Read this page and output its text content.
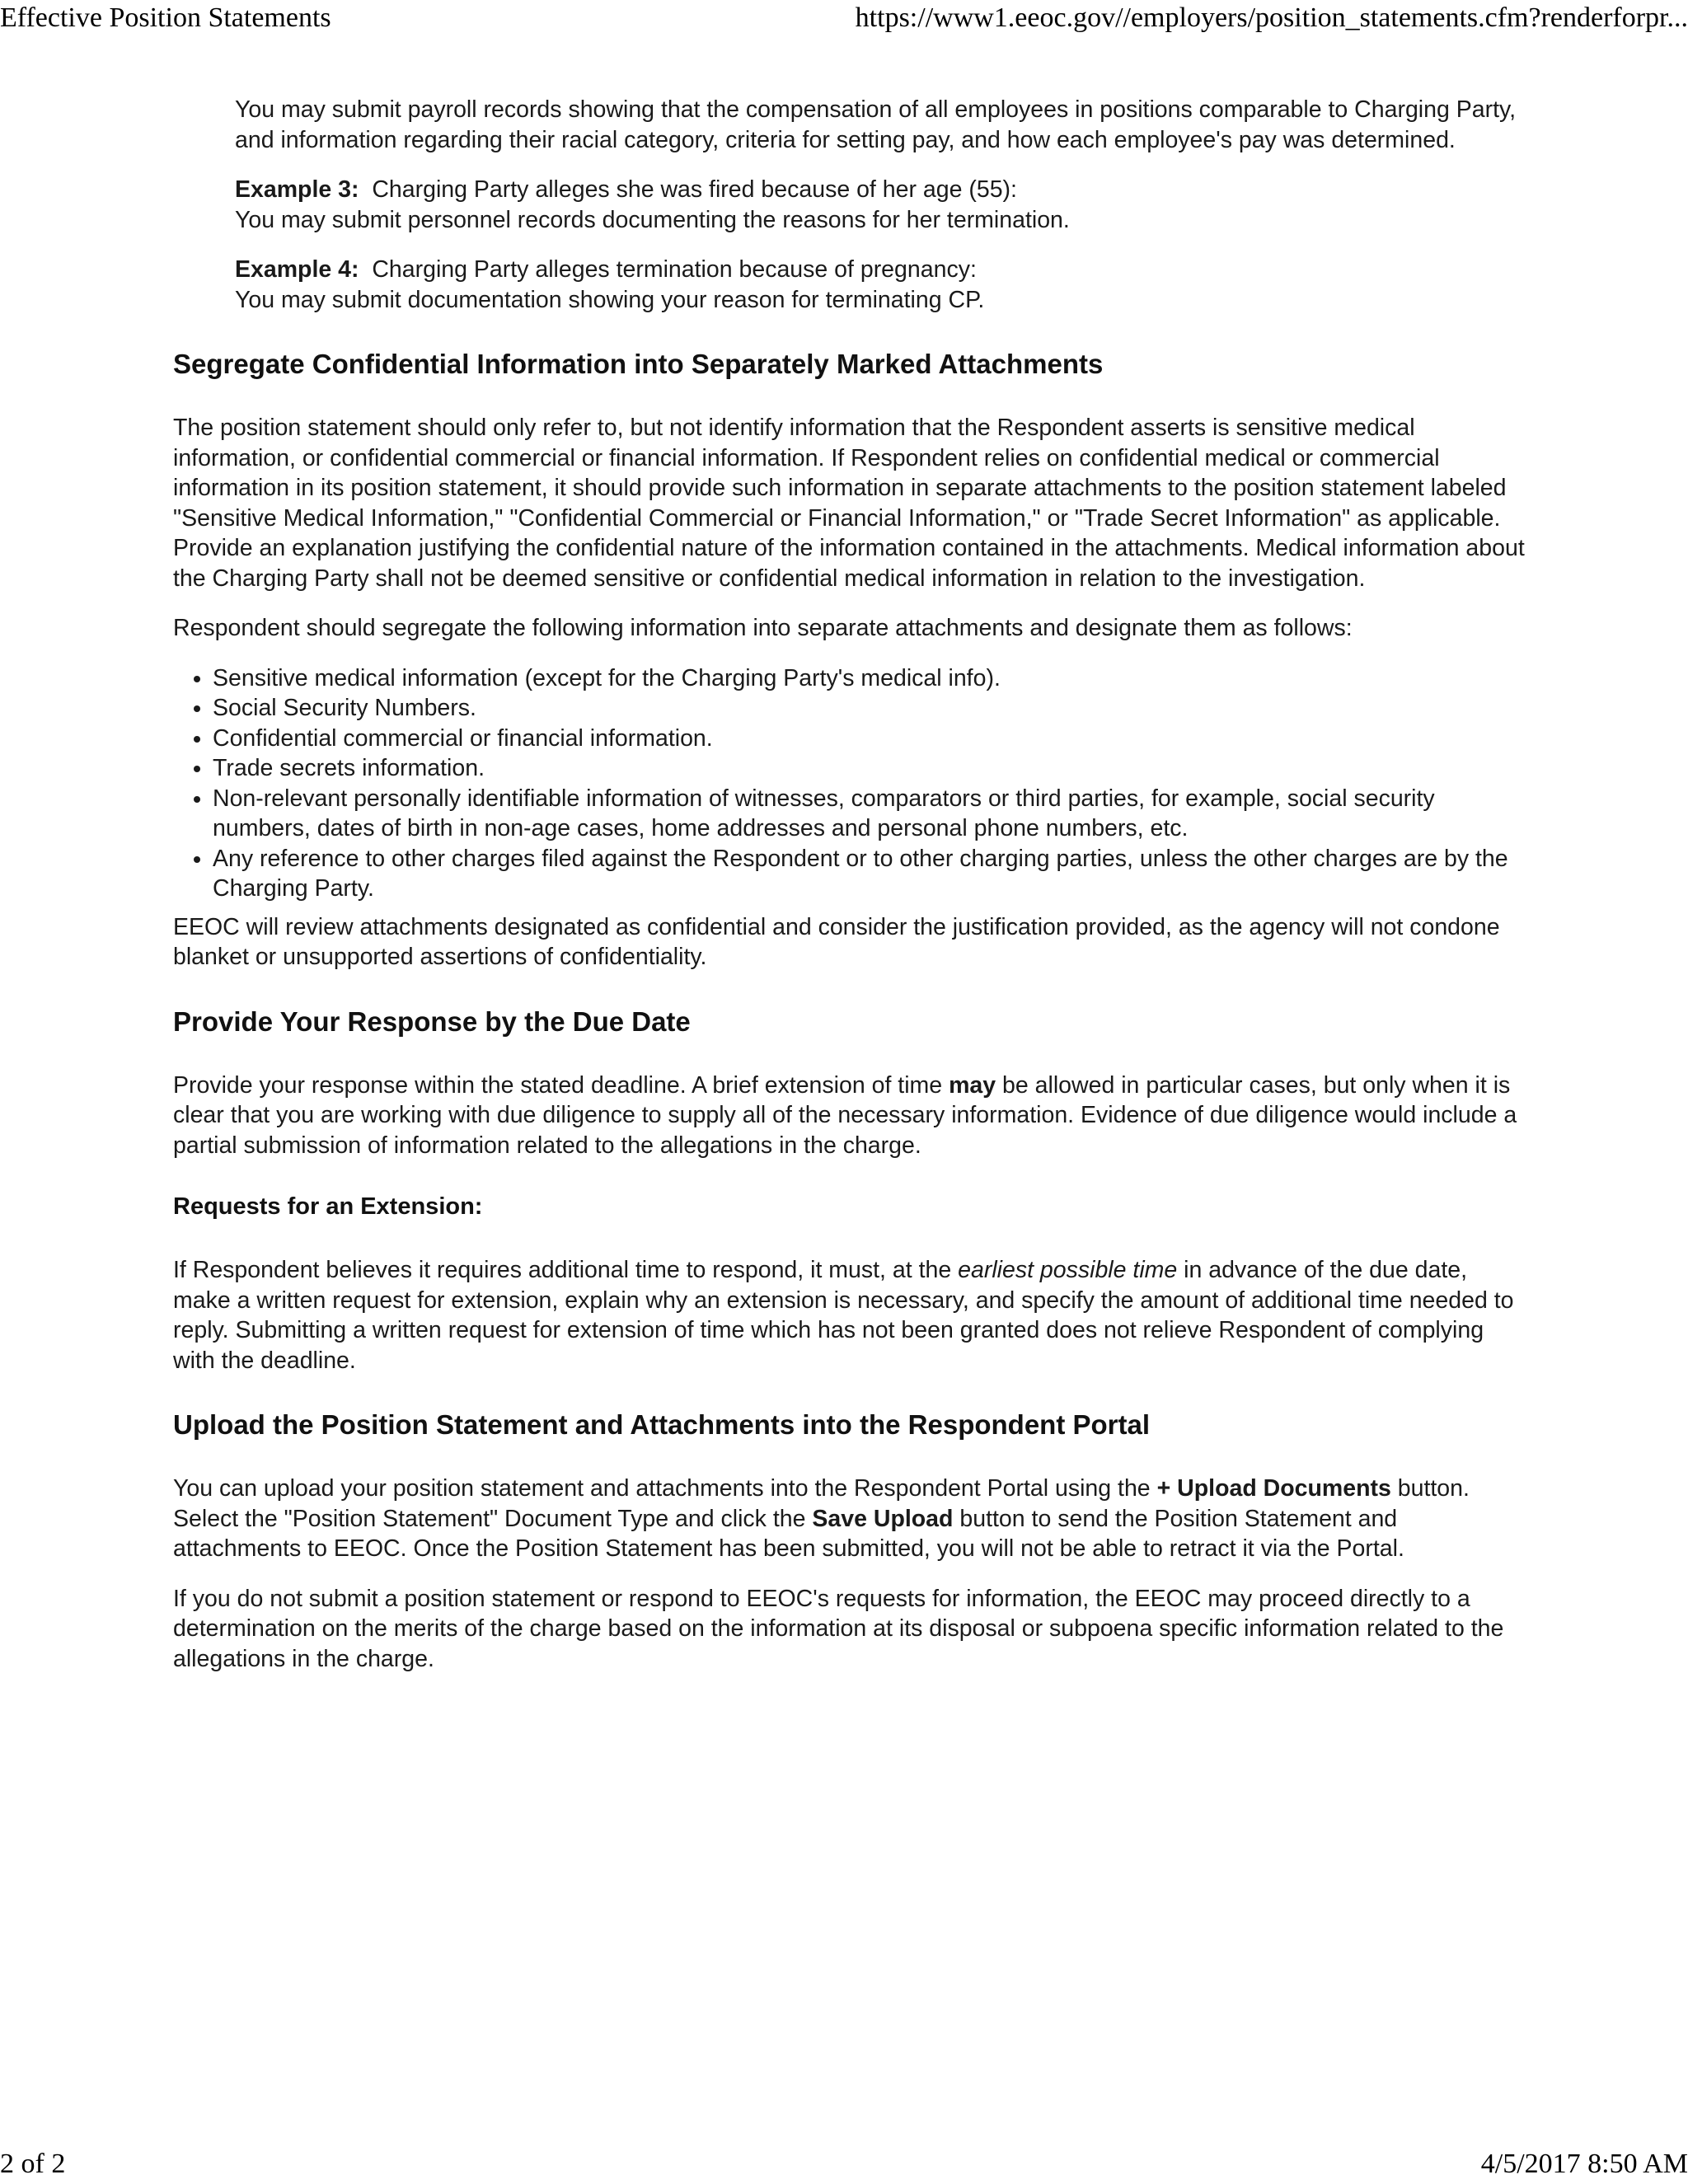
Effective Position Statements	https://www1.eeoc.gov//employers/position_statements.cfm?renderforpr...

You may submit payroll records showing that the compensation of all employees in positions comparable to Charging Party, and information regarding their racial category, criteria for setting pay, and how each employee's pay was determined.

Example 3: Charging Party alleges she was fired because of her age (55):
You may submit personnel records documenting the reasons for her termination.

Example 4: Charging Party alleges termination because of pregnancy:
You may submit documentation showing your reason for terminating CP.

Segregate Confidential Information into Separately Marked Attachments

The position statement should only refer to, but not identify information that the Respondent asserts is sensitive medical information, or confidential commercial or financial information. If Respondent relies on confidential medical or commercial information in its position statement, it should provide such information in separate attachments to the position statement labeled "Sensitive Medical Information," "Confidential Commercial or Financial Information," or "Trade Secret Information" as applicable. Provide an explanation justifying the confidential nature of the information contained in the attachments. Medical information about the Charging Party shall not be deemed sensitive or confidential medical information in relation to the investigation.

Respondent should segregate the following information into separate attachments and designate them as follows:

• Sensitive medical information (except for the Charging Party's medical info).
• Social Security Numbers.
• Confidential commercial or financial information.
• Trade secrets information.
• Non-relevant personally identifiable information of witnesses, comparators or third parties, for example, social security numbers, dates of birth in non-age cases, home addresses and personal phone numbers, etc.
• Any reference to other charges filed against the Respondent or to other charging parties, unless the other charges are by the Charging Party.

EEOC will review attachments designated as confidential and consider the justification provided, as the agency will not condone blanket or unsupported assertions of confidentiality.

Provide Your Response by the Due Date

Provide your response within the stated deadline. A brief extension of time may be allowed in particular cases, but only when it is clear that you are working with due diligence to supply all of the necessary information. Evidence of due diligence would include a partial submission of information related to the allegations in the charge.

Requests for an Extension:

If Respondent believes it requires additional time to respond, it must, at the earliest possible time in advance of the due date, make a written request for extension, explain why an extension is necessary, and specify the amount of additional time needed to reply. Submitting a written request for extension of time which has not been granted does not relieve Respondent of complying with the deadline.

Upload the Position Statement and Attachments into the Respondent Portal

You can upload your position statement and attachments into the Respondent Portal using the + Upload Documents button. Select the "Position Statement" Document Type and click the Save Upload button to send the Position Statement and attachments to EEOC. Once the Position Statement has been submitted, you will not be able to retract it via the Portal.

If you do not submit a position statement or respond to EEOC's requests for information, the EEOC may proceed directly to a determination on the merits of the charge based on the information at its disposal or subpoena specific information related to the allegations in the charge.

2 of 2	4/5/2017 8:50 AM
